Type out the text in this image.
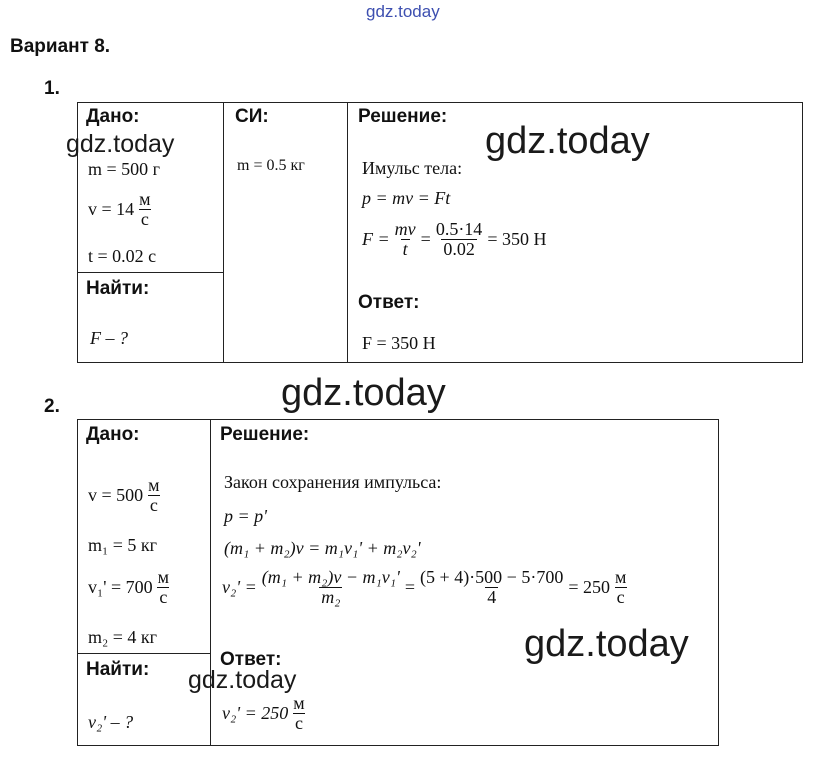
gdz.today
Вариант 8.
1.
Дано:
gdz.today
m = 500 г
$v = 14 \frac{м}{с}$
t = 0.02 с
Найти:
F – ?
СИ:
m = 0.5 кг
Решение:
gdz.today
Имульс тела:
p = mv = Ft
$F = \frac{mv}{t} = \frac{0.5\cdot 14}{0.02} = 350$ Н
Ответ:
F = 350 Н
gdz.today
2.
Дано:
$v = 500 \frac{м}{с}$
m₁ = 5 кг
$v_1' = 700 \frac{м}{с}$
m₂ = 4 кг
Найти: gdz.today
v₂' – ?
Решение:
Закон сохранения импульса:
p = p'
(m₁ + m₂)v = m₁v₁' + m₂v₂'
$v_2' = \frac{\text{(m₁ + m₂)v − m₁v₁'}}{\text{m₂}} = \frac{(5 + 4)\cdot 500 - 5\cdot 700}{4} = 250 \frac{м}{с}$
gdz.today
Ответ:
$v_2' = 250 \frac{м}{с}$
